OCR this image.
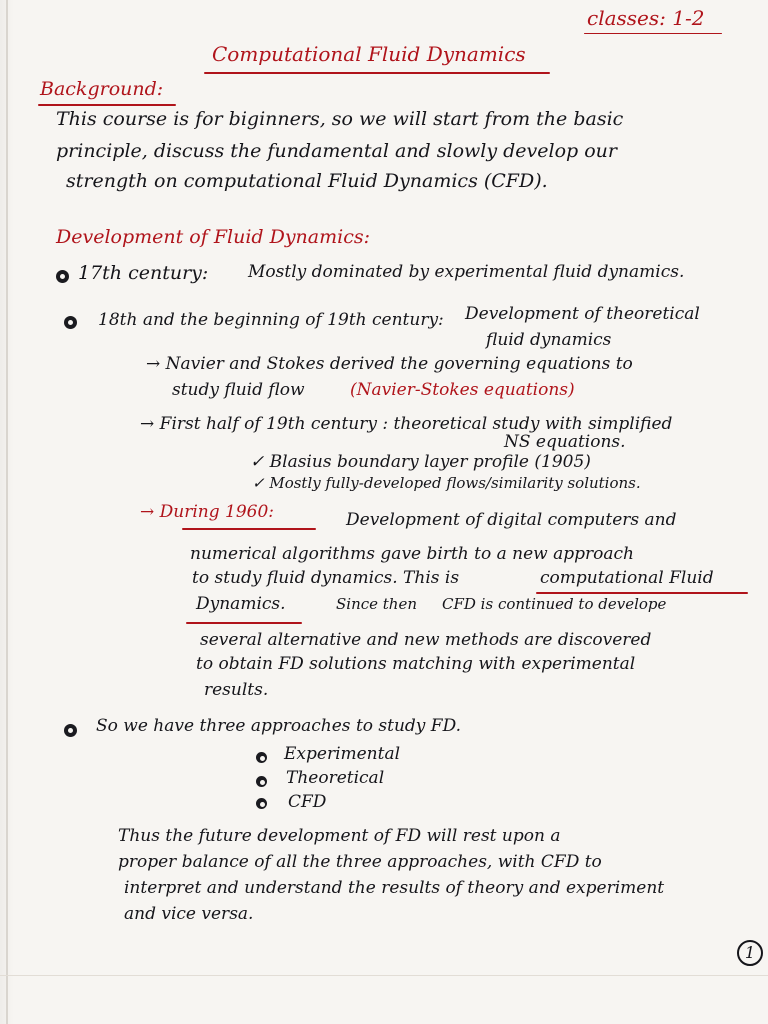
classes: 1-2
Computational Fluid Dynamics
Background:
This course is for biginners, so we will start from the basic
principle, discuss the fundamental and slowly develop our
strength on computational Fluid Dynamics (CFD).
Development of Fluid Dynamics:
17th century: Mostly dominated by experimental fluid dynamics.
18th and the beginning of 19th century: Development of theoretical
fluid dynamics
→ Navier and Stokes derived the governing equations to
study fluid flow	(Navier-Stokes equations)
→ First half of 19th century : theoretical study with simplified
NS equations.
✓ Blasius boundary layer profile (1905)
✓ Mostly fully-developed flows/similarity solutions.
→ During 1960:	Development of digital computers and
numerical algorithms gave birth to a new approach
to study fluid dynamics. This is	computational Fluid
Dynamics.	Since then CFD is continued to develope
several alternative and new methods are discovered
to obtain FD solutions matching with experimental
results.
So we have three approaches to study FD.
Experimental
Theoretical
CFD
Thus the future development of FD will rest upon a
proper balance of all the three approaches, with CFD to
interpret and understand the results of theory and experiment
and vice versa.
1
